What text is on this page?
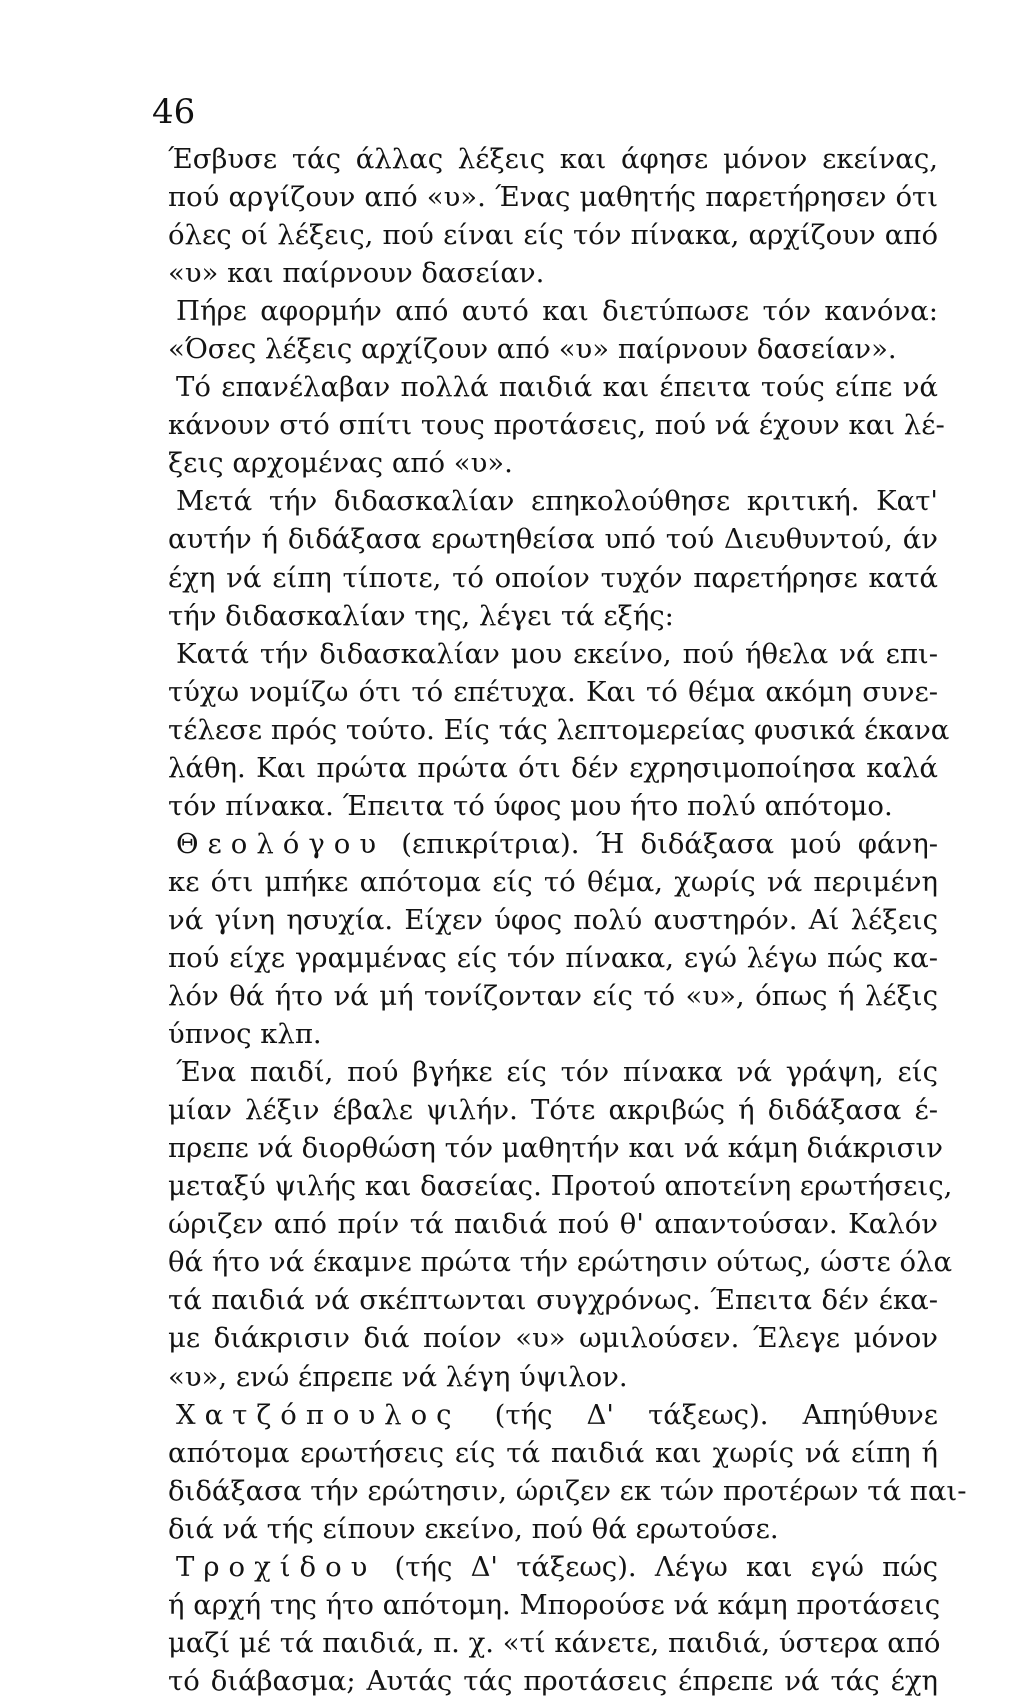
46
Έσβυσε τάς άλλας λέξεις και άφησε μόνον εκείνας,
πού αργίζουν από «υ». Ένας μαθητής παρετήρησεν ότι
όλες οί λέξεις, πού είναι είς τόν πίνακα, αρχίζουν από
«υ» και παίρνουν δασείαν.
Πήρε αφορμήν από αυτό και διετύπωσε τόν κανόνα:
«Όσες λέξεις αρχίζουν από «υ» παίρνουν δασείαν».
Τό επανέλαβαν πολλά παιδιά και έπειτα τούς είπε νά
κάνουν στό σπίτι τους προτάσεις, πού νά έχουν και λέ-
ξεις αρχομένας από «υ».
Μετά τήν διδασκαλίαν επηκολούθησε κριτική. Κατ'
αυτήν ή διδάξασα ερωτηθείσα υπό τού Διευθυντού, άν
έχη νά είπη τίποτε, τό οποίον τυχόν παρετήρησε κατά
τήν διδασκαλίαν της, λέγει τά εξής:
Κατά τήν διδασκαλίαν μου εκείνο, πού ήθελα νά επι-
τύχω νομίζω ότι τό επέτυχα. Και τό θέμα ακόμη συνε-
τέλεσε πρός τούτο. Είς τάς λεπτομερείας φυσικά έκανα
λάθη. Και πρώτα πρώτα ότι δέν εχρησιμοποίησα καλά
τόν πίνακα. Έπειτα τό ύφος μου ήτο πολύ απότομο.
Θεολόγου (επικρίτρια). Ή διδάξασα μού φάνη-
κε ότι μπήκε απότομα είς τό θέμα, χωρίς νά περιμένη
νά γίνη ησυχία. Είχεν ύφος πολύ αυστηρόν. Αί λέξεις
πού είχε γραμμένας είς τόν πίνακα, εγώ λέγω πώς κα-
λόν θά ήτο νά μή τονίζονταν είς τό «υ», όπως ή λέξις
ύπνος κλπ.
Ένα παιδί, πού βγήκε είς τόν πίνακα νά γράψη, είς
μίαν λέξιν έβαλε ψιλήν. Τότε ακριβώς ή διδάξασα έ-
πρεπε νά διορθώση τόν μαθητήν και νά κάμη διάκρισιν
μεταξύ ψιλής και δασείας. Προτού αποτείνη ερωτήσεις,
ώριζεν από πρίν τά παιδιά πού θ' απαντούσαν. Καλόν
θά ήτο νά έκαμνε πρώτα τήν ερώτησιν ούτως, ώστε όλα
τά παιδιά νά σκέπτωνται συγχρόνως. Έπειτα δέν έκα-
με διάκρισιν διά ποίον «υ» ωμιλούσεν. Έλεγε μόνον
«υ», ενώ έπρεπε νά λέγη ύψιλον.
Χατζόπουλος (τής Δ' τάξεως). Απηύθυνε
απότομα ερωτήσεις είς τά παιδιά και χωρίς νά είπη ή
διδάξασα τήν ερώτησιν, ώριζεν εκ τών προτέρων τά παι-
διά νά τής είπουν εκείνο, πού θά ερωτούσε.
Τροχίδου (τής Δ' τάξεως). Λέγω και εγώ πώς
ή αρχή της ήτο απότομη. Μπορούσε νά κάμη προτάσεις
μαζί μέ τά παιδιά, π. χ. «τί κάνετε, παιδιά, ύστερα από
τό διάβασμα; Αυτάς τάς προτάσεις έπρεπε νά τάς έχη
